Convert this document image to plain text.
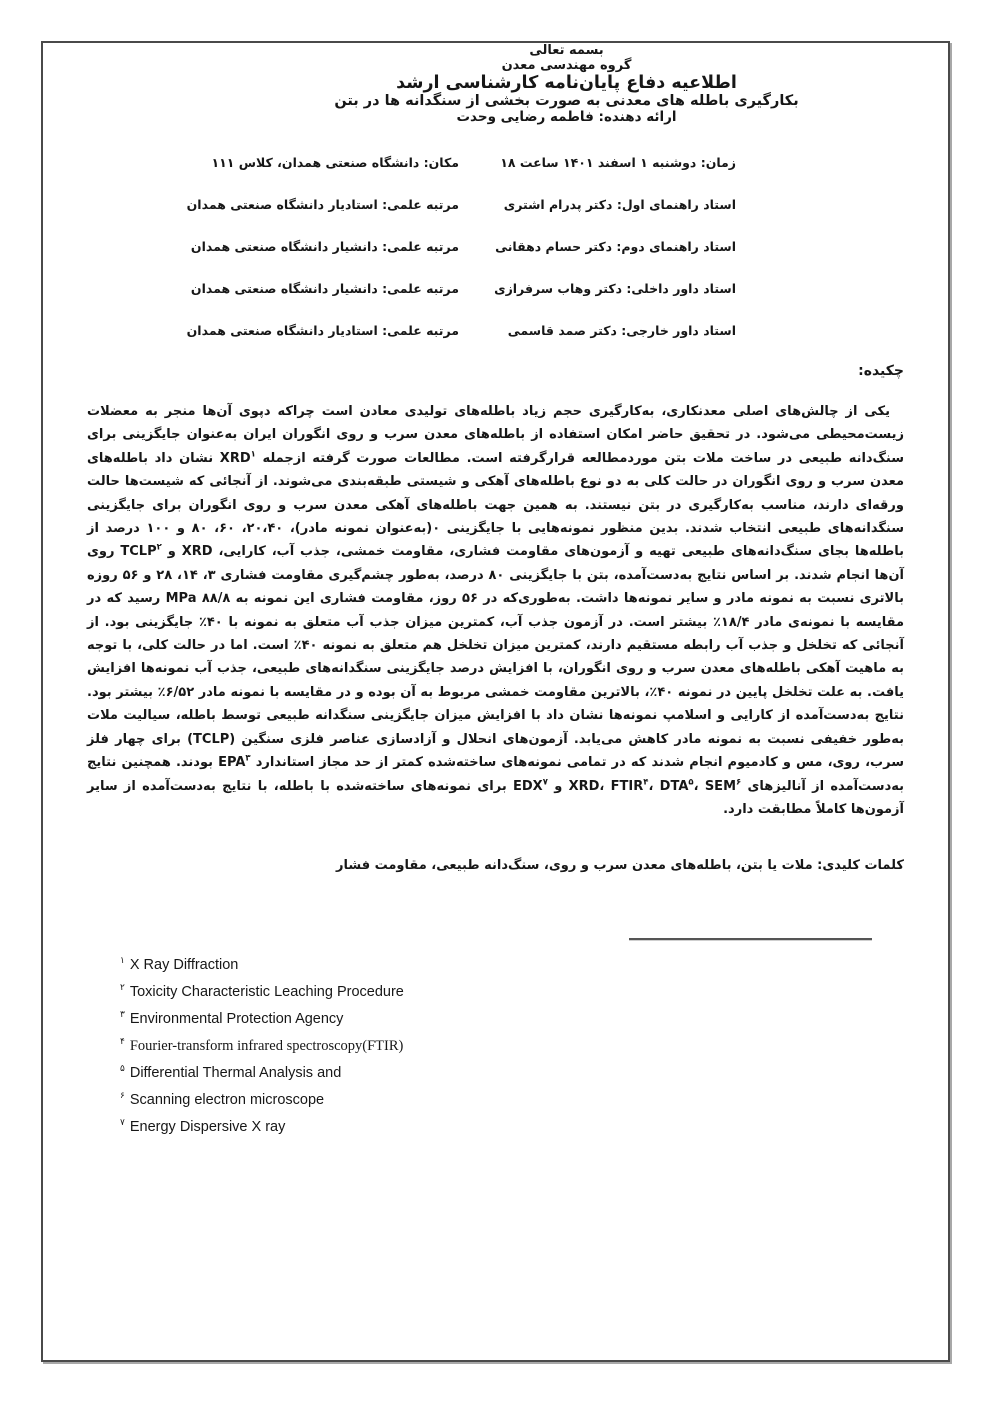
بسمه تعالی

گروه مهندسی معدن

اطلاعیه دفاع پایان‌نامه کارشناسی ارشد

بکارگیری باطله های معدنی به صورت بخشی از سنگدانه ها در بتن

ارائه دهنده: فاطمه رضایی وحدت

زمان: دوشنبه ۱ اسفند ۱۴۰۱ ساعت ۱۸
مکان: دانشگاه صنعتی همدان، کلاس ۱۱۱
استاد راهنمای اول: دکتر پدرام اشتری
مرتبه علمی: استادیار دانشگاه صنعتی همدان
استاد راهنمای دوم: دکتر حسام دهقانی
مرتبه علمی: دانشیار دانشگاه صنعتی همدان
استاد داور داخلی: دکتر وهاب سرفرازی
مرتبه علمی: دانشیار دانشگاه صنعتی همدان
استاد داور خارجی: دکتر صمد قاسمی
مرتبه علمی: استادیار دانشگاه صنعتی همدان

چکیده:

یکی از چالش‌های اصلی معدنکاری، به‌کارگیری حجم زیاد باطله‌های تولیدی معادن است چراکه دپوی آن‌ها منجر به معضلات زیست‌محیطی می‌شود. در تحقیق حاضر امکان استفاده از باطله‌های معدن سرب و روی انگوران ایران به‌عنوان جایگزینی برای سنگ‌دانه طبیعی در ساخت ملات بتن موردمطالعه قرارگرفته است. مطالعات صورت گرفته ازجمله XRD$^۱$ نشان داد باطله‌های معدن سرب و روی انگوران در حالت کلی به دو نوع باطله‌های آهکی و شیستی طبقه‌بندی می‌شوند. از آنجائی که شیست‌ها حالت ورقه‌ای دارند، مناسب به‌کارگیری در بتن نیستند. به همین جهت باطله‌های آهکی معدن سرب و روی انگوران برای جایگزینی سنگدانه‌های طبیعی انتخاب شدند. بدین منظور نمونه‌هایی با جایگزینی ۰(به‌عنوان نمونه مادر)، ۲۰،۴۰، ۶۰، ۸۰ و ۱۰۰ درصد از باطله‌ها بجای سنگ‌دانه‌های طبیعی تهیه و آزمون‌های مقاومت فشاری، مقاومت خمشی، جذب آب، کارایی، XRD و TCLP$^۲$ روی آن‌ها انجام شدند. بر اساس نتایج به‌دست‌آمده، بتن با جایگزینی ۸۰ درصد، به‌طور چشم‌گیری مقاومت فشاری ۳، ۱۴، ۲۸ و ۵۶ روزه بالاتری نسبت به نمونه مادر و سایر نمونه‌ها داشت. به‌طوری‌که در ۵۶ روز، مقاومت فشاری این نمونه به ۸۸/۸ MPa رسید که در مقایسه با نمونه‌ی مادر ۱۸/۴٪ بیشتر است. در آزمون جذب آب، کمترین میزان جذب آب متعلق به نمونه با ۴۰٪ جایگزینی بود. از آنجائی که تخلخل و جذب آب رابطه مستقیم دارند، کمترین میزان تخلخل هم متعلق به نمونه ۴۰٪ است. اما در حالت کلی، با توجه به ماهیت آهکی باطله‌های معدن سرب و روی انگوران، با افزایش درصد جایگزینی سنگدانه‌های طبیعی، جذب آب نمونه‌ها افزایش یافت. به علت تخلخل پایین در نمونه ۴۰٪، بالاترین مقاومت خمشی مربوط به آن بوده و در مقایسه با نمونه مادر ۶/۵۲٪ بیشتر بود. نتایج به‌دست‌آمده از کارایی و اسلامپ نمونه‌ها نشان داد با افزایش میزان جایگزینی سنگدانه طبیعی توسط باطله، سیالیت ملات به‌طور خفیفی نسبت به نمونه مادر کاهش می‌یابد. آزمون‌های انحلال و آزادسازی عناصر فلزی سنگین (TCLP) برای چهار فلز سرب، روی، مس و کادمیوم انجام شدند که در تمامی نمونه‌های ساخته‌شده کمتر از حد مجاز استاندارد EPA$^۳$ بودند. همچنین نتایج به‌دست‌آمده از آنالیزهای XRD، FTIR$^۴$، DTA$^۵$، SEM$^۶$ و EDX$^۷$ برای نمونه‌های ساخته‌شده با باطله، با نتایج به‌دست‌آمده از سایر آزمون‌ها کاملاً مطابقت دارد.

کلمات کلیدی: ملات یا بتن، باطله‌های معدن سرب و روی، سنگ‌دانه طبیعی، مقاومت فشار

$^۱$ X Ray Diffraction
$^۲$ Toxicity Characteristic Leaching Procedure
$^۳$ Environmental Protection Agency
$^۴$ Fourier-transform infrared spectroscopy(FTIR)
$^۵$ Differential Thermal Analysis and
$^۶$ Scanning electron microscope
$^۷$ Energy Dispersive X ray
